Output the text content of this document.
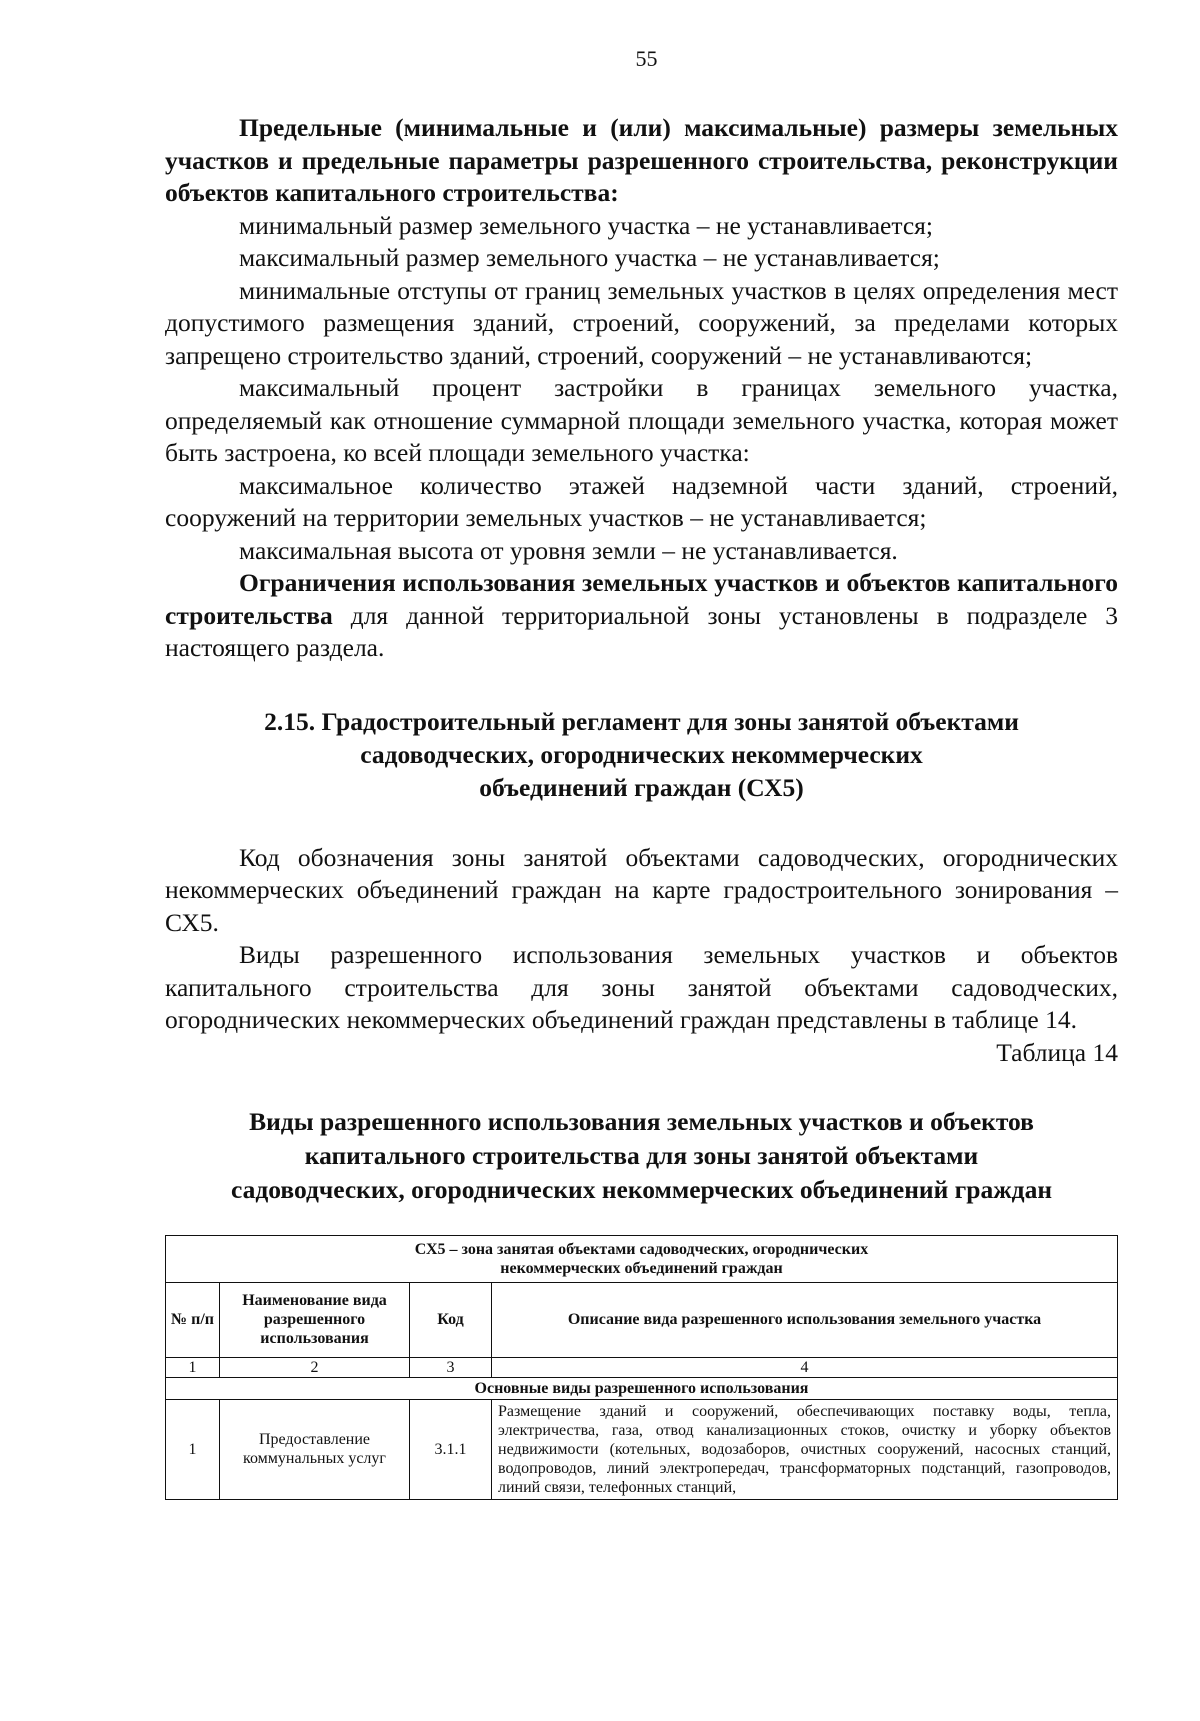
55

Предельные (минимальные и (или) максимальные) размеры земельных участков и предельные параметры разрешенного строительства, реконструкции объектов капитального строительства:

минимальный размер земельного участка – не устанавливается;

максимальный размер земельного участка – не устанавливается;

минимальные отступы от границ земельных участков в целях определения мест допустимого размещения зданий, строений, сооружений, за пределами которых запрещено строительство зданий, строений, сооружений – не устанавливаются;

максимальный процент застройки в границах земельного участка, определяемый как отношение суммарной площади земельного участка, которая может быть застроена, ко всей площади земельного участка:

максимальное количество этажей надземной части зданий, строений, сооружений на территории земельных участков – не устанавливается;

максимальная высота от уровня земли – не устанавливается.

Ограничения использования земельных участков и объектов капитального строительства для данной территориальной зоны установлены в подразделе 3 настоящего раздела.

2.15. Градостроительный регламент для зоны занятой объектами
садоводческих, огороднических некоммерческих
объединений граждан (СХ5)

Код обозначения зоны занятой объектами садоводческих, огороднических некоммерческих объединений граждан на карте градостроительного зонирования – СХ5.

Виды разрешенного использования земельных участков и объектов капитального строительства для зоны занятой объектами садоводческих, огороднических некоммерческих объединений граждан представлены в таблице 14.

Таблица 14

Виды разрешенного использования земельных участков и объектов
капитального строительства для зоны занятой объектами
садоводческих, огороднических некоммерческих объединений граждан
СХ5 – зона занятая объектами садоводческих, огороднических
некоммерческих объединений граждан			

№ п/п	Наименование вида разрешенного использования	Код	Описание вида разрешенного использования земельного участка
1	2	3	4
Основные виды разрешенного использования			
1	Предоставление коммунальных услуг	3.1.1	Размещение зданий и сооружений, обеспечивающих поставку воды, тепла, электричества, газа, отвод канализационных стоков, очистку и уборку объектов недвижимости (котельных, водозаборов, очистных сооружений, насосных станций, водопроводов, линий электропередач, трансформаторных подстанций, газопроводов, линий связи, телефонных станций,
